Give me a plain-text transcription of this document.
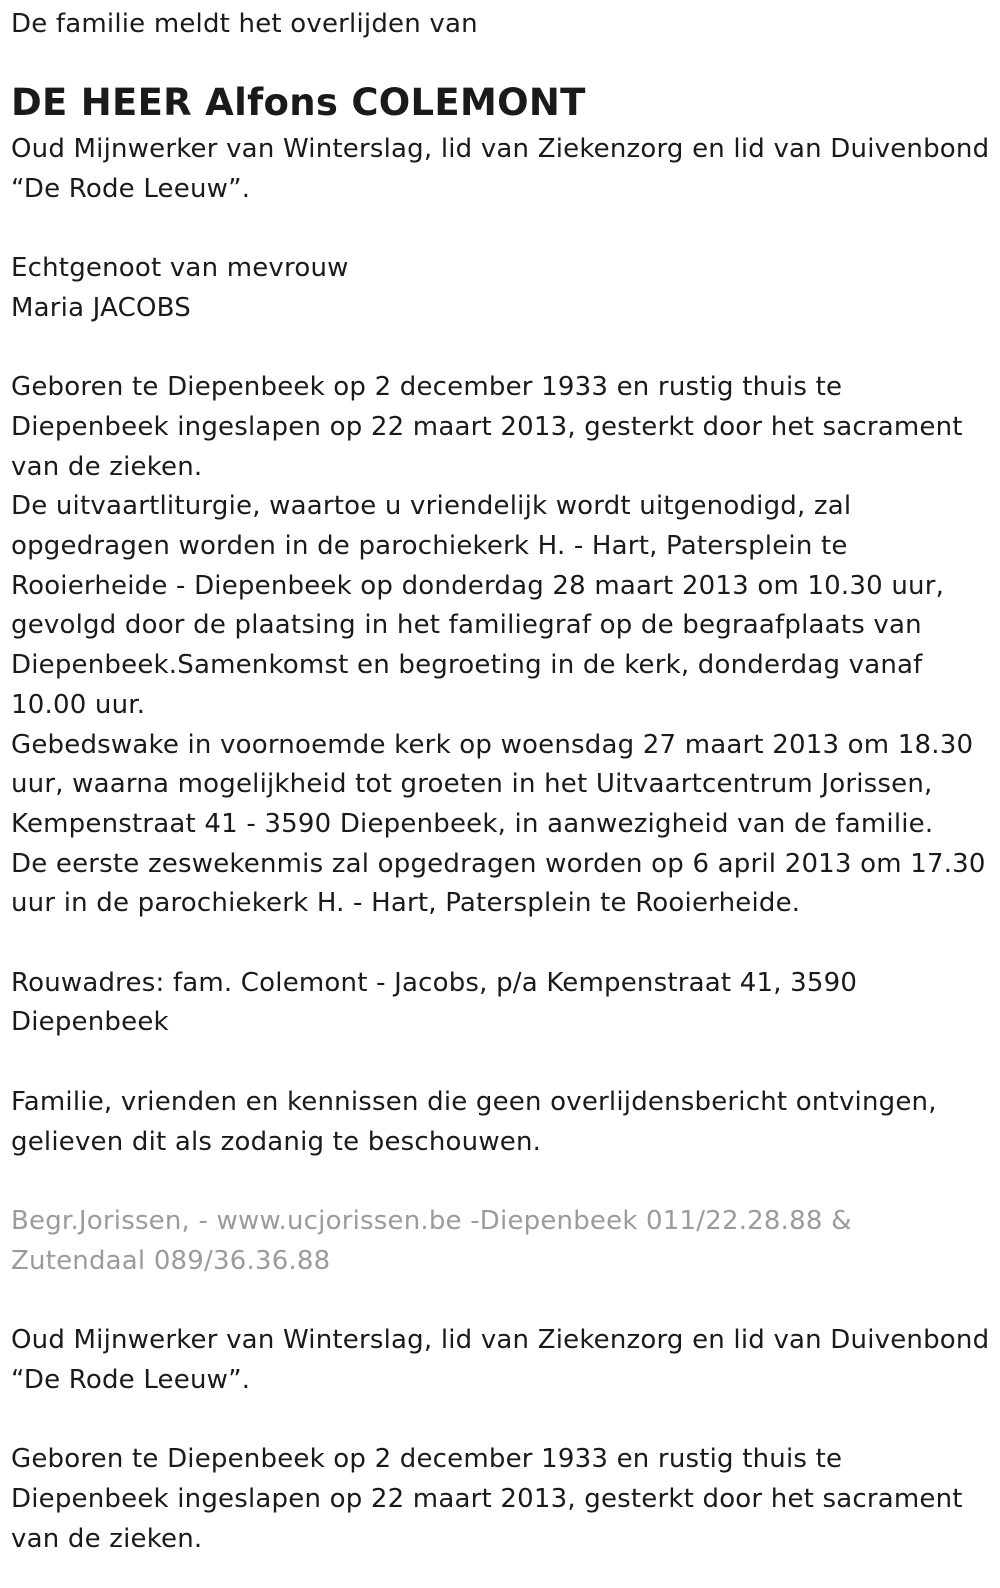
De familie meldt het overlijden van

DE HEER Alfons COLEMONT

Oud Mijnwerker van Winterslag, lid van Ziekenzorg en lid van Duivenbond “De Rode Leeuw”.

Echtgenoot van mevrouw

Maria JACOBS

Geboren te Diepenbeek op 2 december 1933 en rustig thuis te Diepenbeek ingeslapen op 22 maart 2013, gesterkt door het sacrament van de zieken.

De uitvaartliturgie, waartoe u vriendelijk wordt uitgenodigd, zal opgedragen worden in de parochiekerk H. - Hart, Patersplein te Rooierheide - Diepenbeek op donderdag 28 maart 2013 om 10.30 uur, gevolgd door de plaatsing in het familiegraf op de begraafplaats van Diepenbeek.Samenkomst en begroeting in de kerk, donderdag vanaf 10.00 uur.

Gebedswake in voornoemde kerk op woensdag 27 maart 2013 om 18.30 uur, waarna mogelijkheid tot groeten in het Uitvaartcentrum Jorissen, Kempenstraat 41 - 3590 Diepenbeek, in aanwezigheid van de familie.

De eerste zeswekenmis zal opgedragen worden op 6 april 2013 om 17.30 uur in de parochiekerk H. - Hart, Patersplein te Rooierheide.

Rouwadres: fam. Colemont - Jacobs, p/a Kempenstraat 41, 3590 Diepenbeek

Familie, vrienden en kennissen die geen overlijdensbericht ontvingen, gelieven dit als zodanig te beschouwen.

Begr.Jorissen, - www.ucjorissen.be -Diepenbeek 011/22.28.88 & Zutendaal 089/36.36.88

Oud Mijnwerker van Winterslag, lid van Ziekenzorg en lid van Duivenbond “De Rode Leeuw”.

Geboren te Diepenbeek op 2 december 1933 en rustig thuis te Diepenbeek ingeslapen op 22 maart 2013, gesterkt door het sacrament van de zieken.
